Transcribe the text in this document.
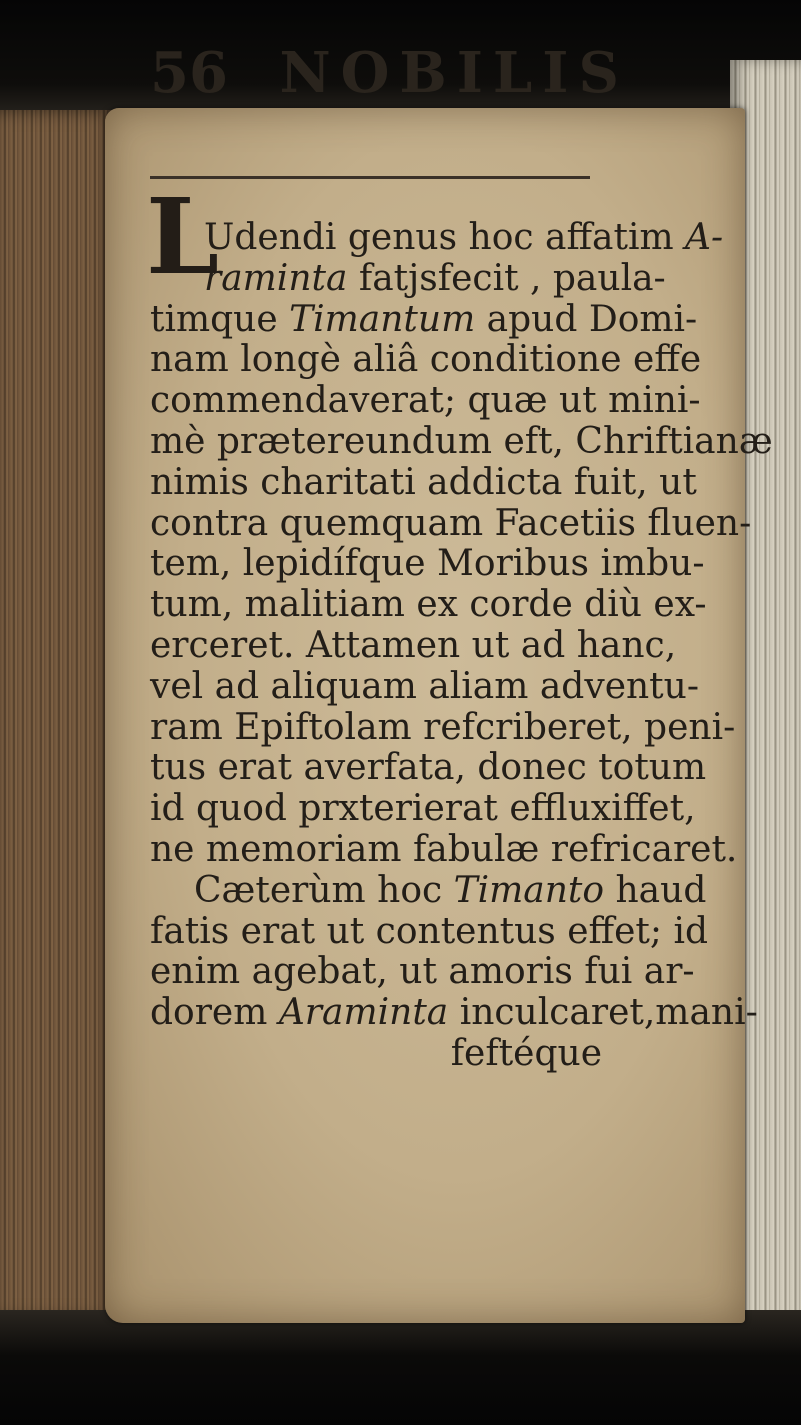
56 NOBILIS
L
Udendi genus hoc affatim A-
raminta fatjsfecit , paula-
timque Timantum apud Domi-
nam longè aliâ conditione effe
commendaverat; quæ ut mini-
mè prætereundum eft, Chriftianæ
nimis charitati addicta fuit, ut
contra quemquam Facetiis fluen-
tem, lepidífque Moribus imbu-
tum, malitiam ex corde diù ex-
erceret. Attamen ut ad hanc,
vel ad aliquam aliam adventu-
ram Epiftolam refcriberet, peni-
tus erat averfata, donec totum
id quod prxterierat effluxiffet,
ne memoriam fabulæ refricaret.
Cæterùm hoc Timanto haud
fatis erat ut contentus effet; id
enim agebat, ut amoris fui ar-
dorem Araminta inculcaret,mani-
feftéque
